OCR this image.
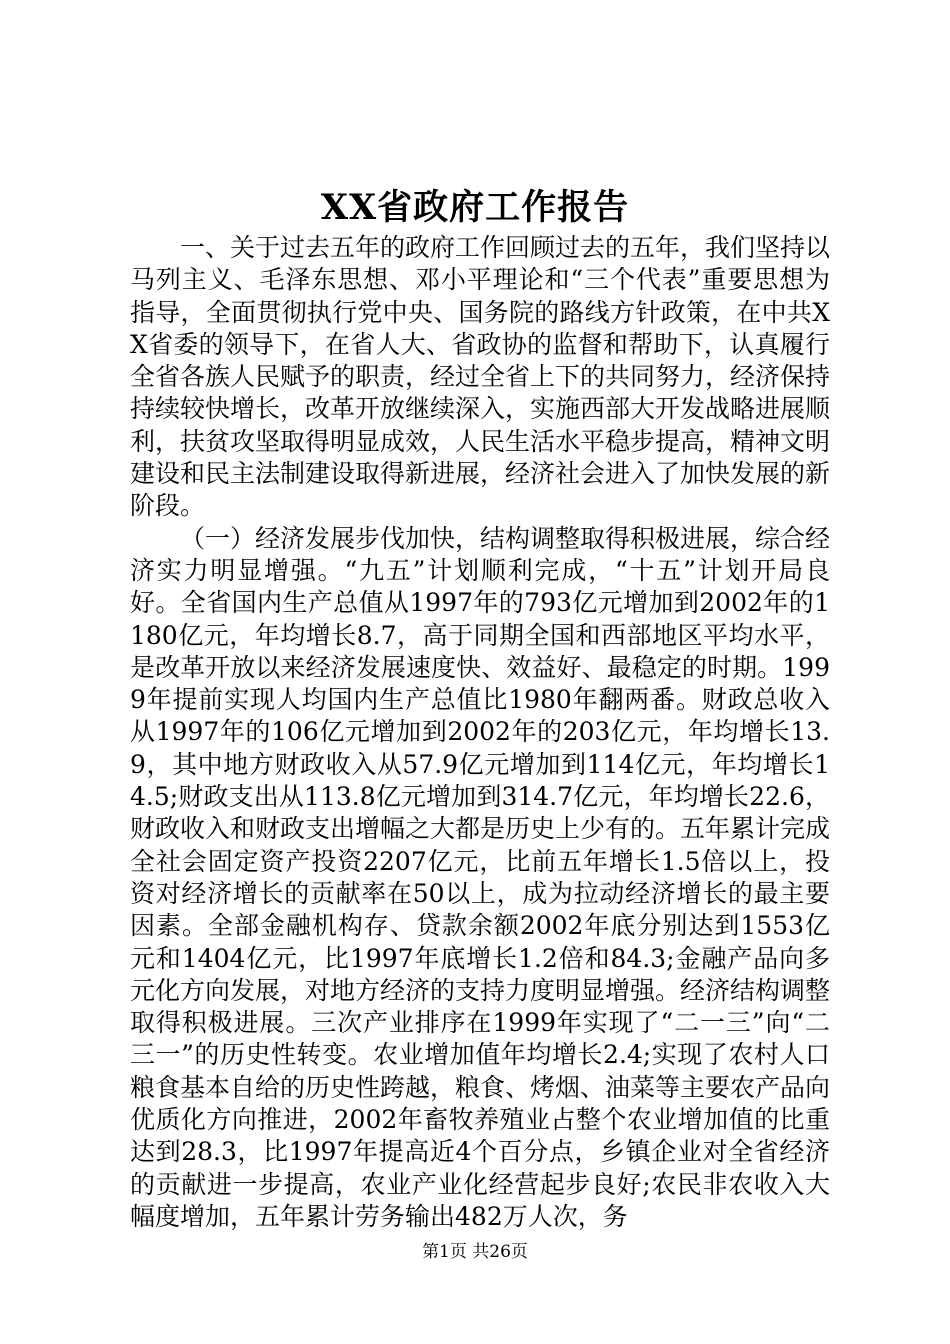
XX省政府工作报告

一、关于过去五年的政府工作回顾过去的五年，我们坚持以马列主义、毛泽东思想、邓小平理论和“三个代表”重要思想为指导，全面贯彻执行党中央、国务院的路线方针政策，在中共XX省委的领导下，在省人大、省政协的监督和帮助下，认真履行全省各族人民赋予的职责，经过全省上下的共同努力，经济保持持续较快增长，改革开放继续深入，实施西部大开发战略进展顺利，扶贫攻坚取得明显成效，人民生活水平稳步提高，精神文明建设和民主法制建设取得新进展，经济社会进入了加快发展的新阶段。

（一）经济发展步伐加快，结构调整取得积极进展，综合经济实力明显增强。“九五”计划顺利完成，“十五”计划开局良好。全省国内生产总值从1997年的793亿元增加到2002年的1180亿元，年均增长8.7，高于同期全国和西部地区平均水平，是改革开放以来经济发展速度快、效益好、最稳定的时期。1999年提前实现人均国内生产总值比1980年翻两番。财政总收入从1997年的106亿元增加到2002年的203亿元，年均增长13.9，其中地方财政收入从57.9亿元增加到114亿元，年均增长14.5;财政支出从113.8亿元增加到314.7亿元，年均增长22.6，财政收入和财政支出增幅之大都是历史上少有的。五年累计完成全社会固定资产投资2207亿元，比前五年增长1.5倍以上，投资对经济增长的贡献率在50以上，成为拉动经济增长的最主要因素。全部金融机构存、贷款余额2002年底分别达到1553亿元和1404亿元，比1997年底增长1.2倍和84.3;金融产品向多元化方向发展，对地方经济的支持力度明显增强。经济结构调整取得积极进展。三次产业排序在1999年实现了“二一三”向“二三一”的历史性转变。农业增加值年均增长2.4;实现了农村人口粮食基本自给的历史性跨越，粮食、烤烟、油菜等主要农产品向优质化方向推进，2002年畜牧养殖业占整个农业增加值的比重达到28.3，比1997年提高近4个百分点，乡镇企业对全省经济的贡献进一步提高，农业产业化经营起步良好;农民非农收入大幅度增加，五年累计劳务输出482万人次，务

第1页 共26页
